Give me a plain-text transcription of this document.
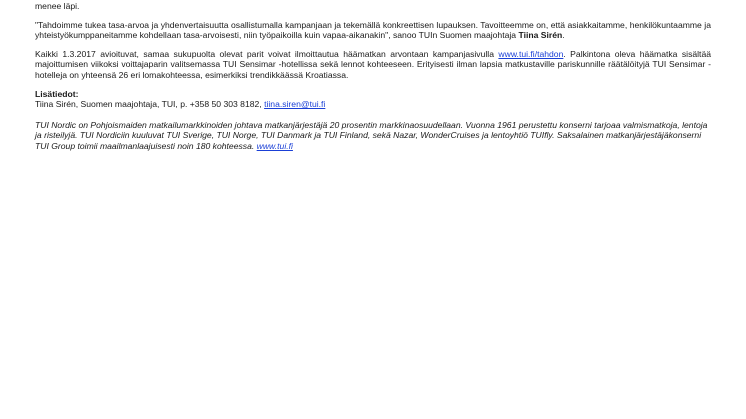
menee läpi.

"Tahdoimme tukea tasa-arvoa ja yhdenvertaisuutta osallistumalla kampanjaan ja tekemällä konkreettisen lupauksen. Tavoitteemme on, että asiakkaitamme, henkilökuntaamme ja yhteistyökumppaneitamme kohdellaan tasa-arvoisesti, niin työpaikoilla kuin vapaa-aikanakin", sanoo TUIn Suomen maajohtaja Tiina Sirén.

Kaikki 1.3.2017 avioituvat, samaa sukupuolta olevat parit voivat ilmoittautua häämatkan arvontaan kampanjasivulla www.tui.fi/tahdon. Palkintona oleva häämatka sisältää majoittumisen viikoksi voittajaparin valitsemassa TUI Sensimar -hotellissa sekä lennot kohteeseen. Erityisesti ilman lapsia matkustaville pariskunnille räätälöityjä TUI Sensimar -hotelleja on yhteensä 26 eri lomakohteessa, esimerkiksi trendikkäässä Kroatiassa.

Lisätiedot:
Tiina Sirén, Suomen maajohtaja, TUI, p. +358 50 303 8182, tiina.siren@tui.fi

TUI Nordic on Pohjoismaiden matkailumarkkinoiden johtava matkanjärjestäjä 20 prosentin markkinaosuudellaan. Vuonna 1961 perustettu konserni tarjoaa valmismatkoja, lentoja ja risteilyjä. TUI Nordiciin kuuluvat TUI Sverige, TUI Norge, TUI Danmark ja TUI Finland, sekä Nazar, WonderCruises ja lentoyhtiö TUIfly. Saksalainen matkanjärjestäjäkonserni TUI Group toimii maailmanlaajuisesti noin 180 kohteessa. www.tui.fi
